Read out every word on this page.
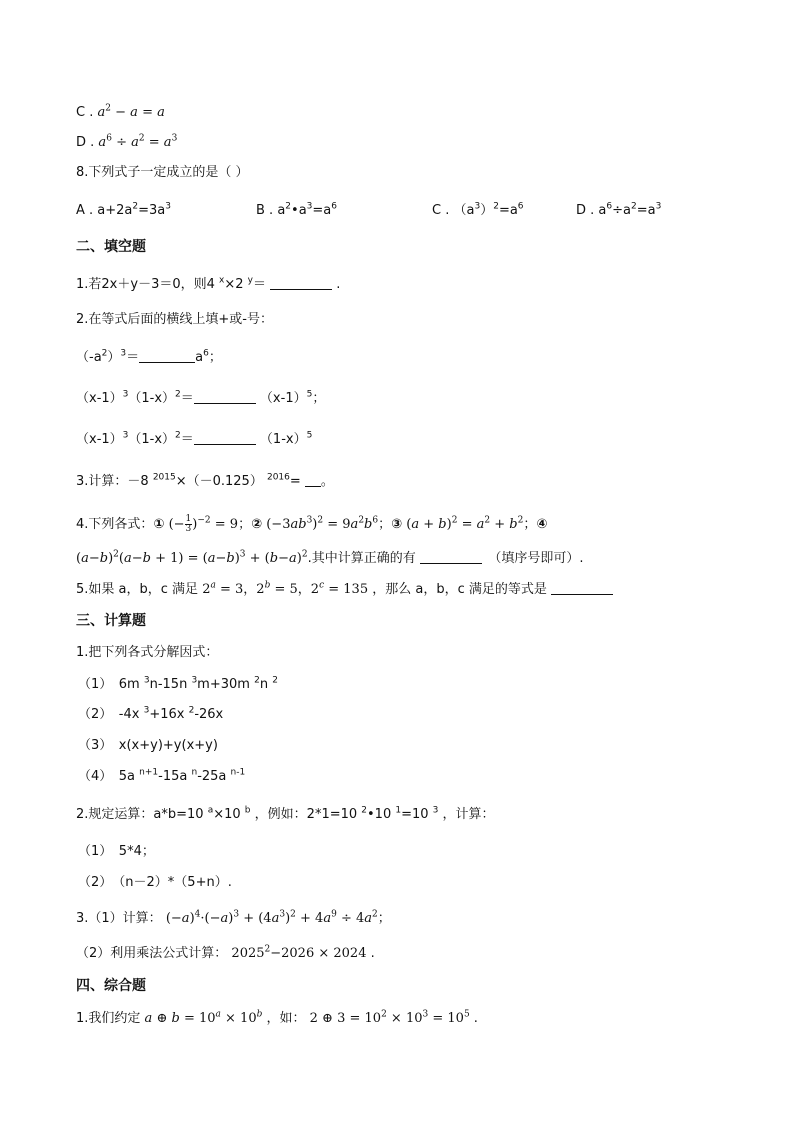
C . $a^2 - a = a$
D . $a^6 \div a^2 = a^3$
8.下列式子一定成立的是（ ）
A . $a+2a^2=3a^3$	B . $a^2•a^3=a^6$	C . $(a^3)^2=a^6$	D . $a^6\div a^2=a^3$
二、填空题
1.若2x＋y－3＝0，则4 $^x$×2 $^y$＝	.
2.在等式后面的横线上填+或-号：
$(-a^2)^3=$	$a^6$；
$(x-1)^3(1-x)^2=$	$(x-1)^5$；
$(x-1)^3(1-x)^2=$	$(1-x)^5$
3.计算：－8 $^{2015}$×（－0.125） $^{2016}$= 。
4.下列各式：① (− $\frac{1}{3} )^{-2} = 9$；② $(-3ab^3)^2 = 9a^2b^6$；③ $(a + b)^2 = a^2 + b^2$；④
$(a-b)^2(a-b + 1) = (a-b)^3 + (b-a)^2$.其中计算正确的有 　	（填序号即可）.
5.如果 a，b，c 满足 $2^a = 3$，$2^b = 5$，$2^c = 135$ ，那么 a，b，c 满足的等式是
三、计算题
1.把下列各式分解因式：
（1）　6m $^3$n-15n $^3$m+30m $^2$n $^2$
（2）　-4x $^3$+16x $^2$-26x
（3）　 x(x+y)+y(x+y)
（4）　5a $^{n+1}$-15a $^n$-25a $^{n-1}$
2.规定运算：a*b=10 $^a$×10 $^b$ ，例如：2*1=10 $^2$•10 $^1$=10 $^3$ ，计算：
（1）　 5*4；
（2）　 （n－2）*（5+n）.
3.（1）计算： $(-a)^4\cdot(-a)^3 + (4a^3)^2 + 4a^9 \div 4a^2$；
（2）利用乘法公式计算： $2025^2-2026 \times 2024$ .
四、综合题
1.我们约定 a ⊕ $b = 10^a \times 10^b$ ，如： 2 ⊕ $3 = 10^2 \times 10^3 = 10^5$ .
